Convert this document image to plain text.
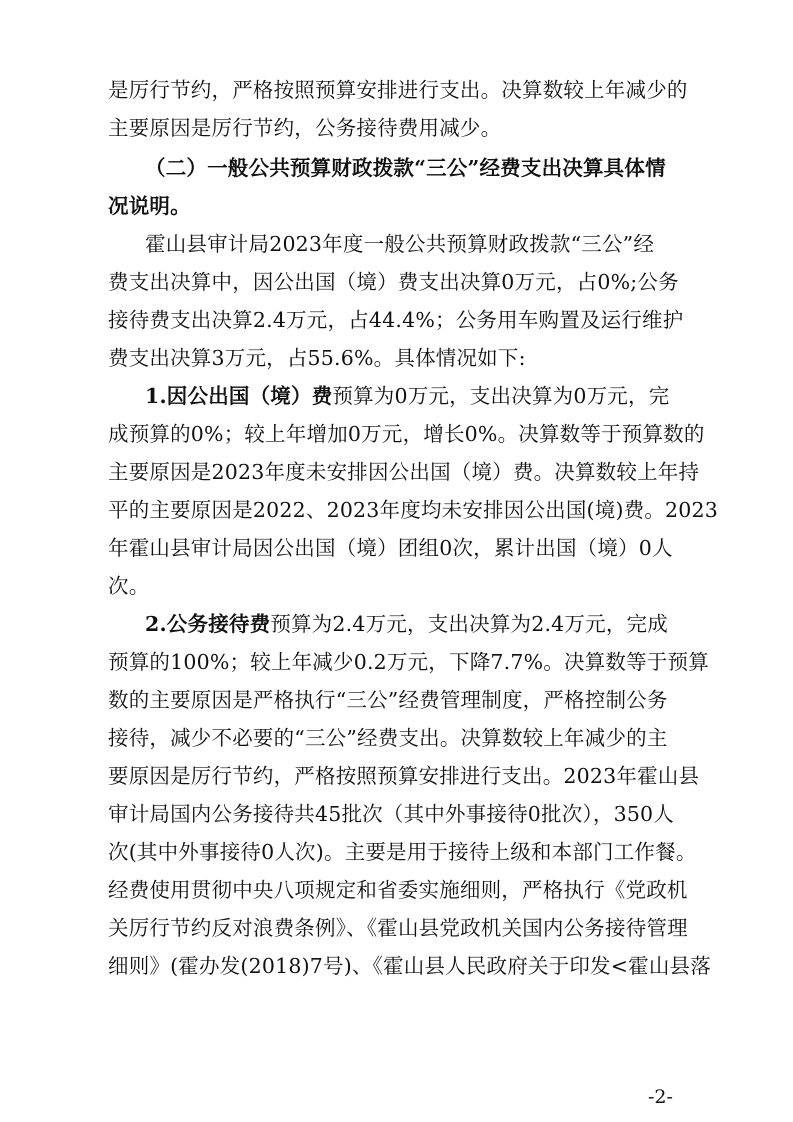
是厉行节约，严格按照预算安排进行支出。决算数较上年减少的
主要原因是厉行节约，公务接待费用减少。
（二）一般公共预算财政拨款“三公”经费支出决算具体情
况说明。
霍山县审计局2023年度一般公共预算财政拨款“三公”经
费支出决算中，因公出国（境）费支出决算0万元，占0%;公务
接待费支出决算2.4万元，占44.4%；公务用车购置及运行维护
费支出决算3万元，占55.6%。具体情况如下:
1.因公出国（境）费预算为0万元，支出决算为0万元，完
成预算的0%；较上年增加0万元，增长0%。决算数等于预算数的
主要原因是2023年度未安排因公出国（境）费。决算数较上年持
平的主要原因是2022、2023年度均未安排因公出国(境)费。2023
年霍山县审计局因公出国（境）团组0次，累计出国（境）0人
次。
2.公务接待费预算为2.4万元，支出决算为2.4万元，完成
预算的100%；较上年减少0.2万元，下降7.7%。决算数等于预算
数的主要原因是严格执行“三公”经费管理制度，严格控制公务
接待，减少不必要的“三公”经费支出。决算数较上年减少的主
要原因是厉行节约，严格按照预算安排进行支出。2023年霍山县
审计局国内公务接待共45批次（其中外事接待0批次），350人
次(其中外事接待0人次)。主要是用于接待上级和本部门工作餐。
经费使用贯彻中央八项规定和省委实施细则，严格执行《党政机
关厉行节约反对浪费条例》、《霍山县党政机关国内公务接待管理
细则》(霍办发(2018)7号)、《霍山县人民政府关于印发<霍山县落
-2-
